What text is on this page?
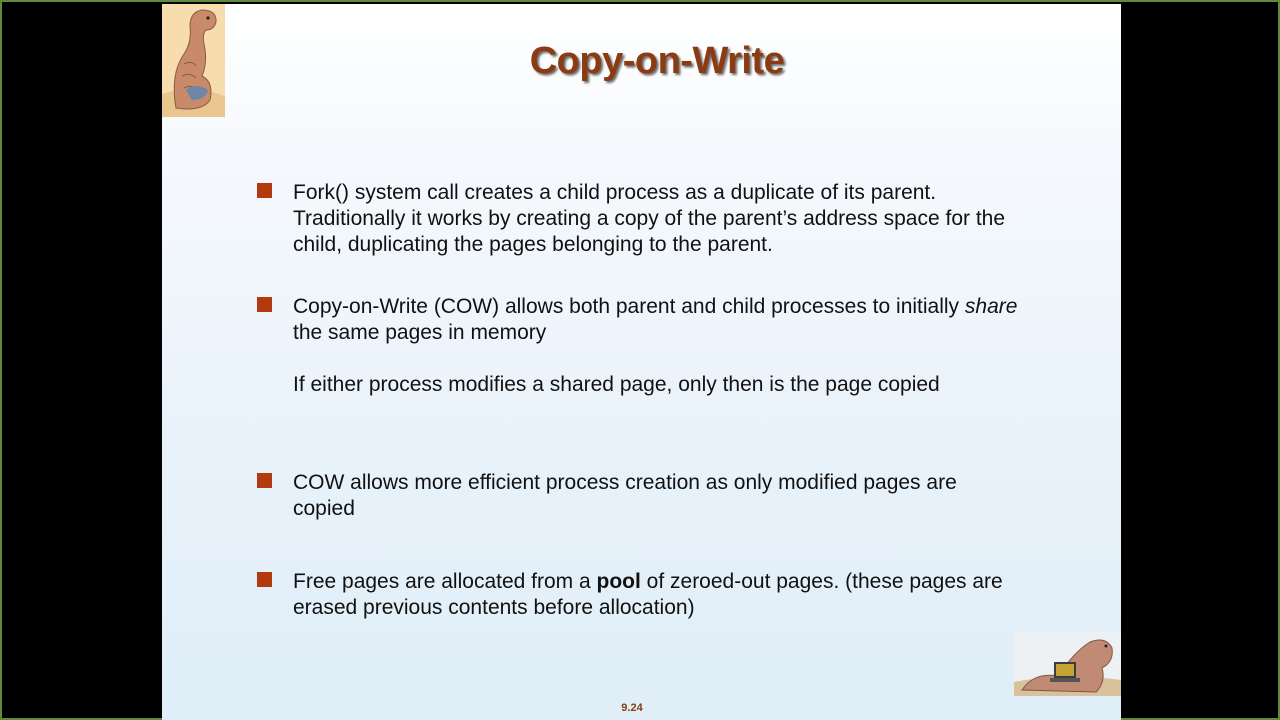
Copy-on-Write
Fork() system call creates a child process as a duplicate of its parent. Traditionally it works by creating a copy of the parent’s address space for the child, duplicating the pages belonging to the parent.
Copy-on-Write (COW) allows both parent and child processes to initially share the same pages in memory
If either process modifies a shared page, only then is the page copied
COW allows more efficient process creation as only modified pages are copied
Free pages are allocated from a pool of zeroed-out pages. (these pages are erased previous contents before allocation)
9.24
